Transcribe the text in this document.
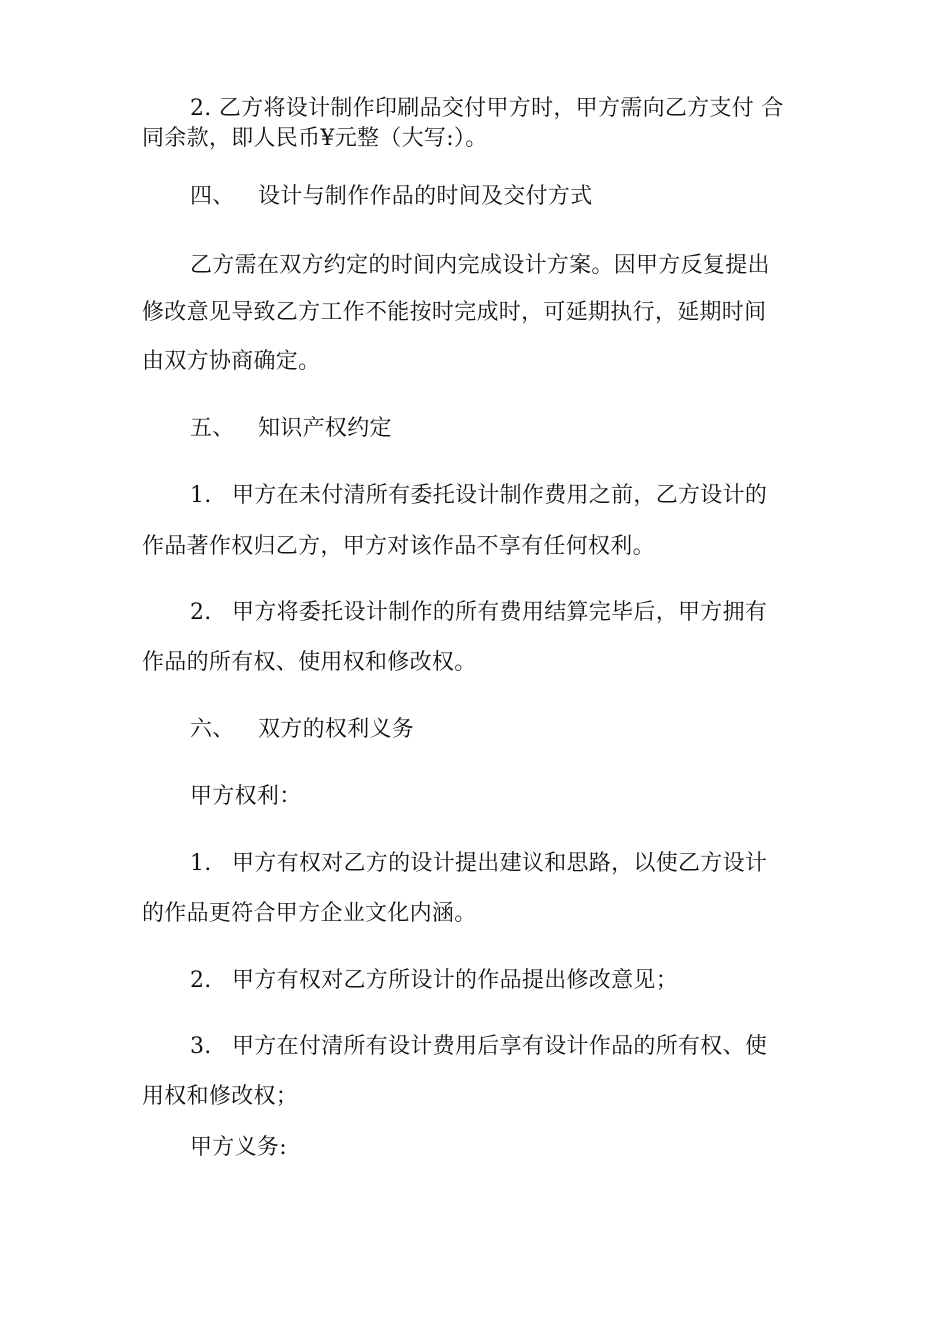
2. 乙方将设计制作印刷品交付甲方时，甲方需向乙方支付 合
同余款，即人民币¥元整（大写:）。
四、 设计与制作作品的时间及交付方式
乙方需在双方约定的时间内完成设计方案。因甲方反复提出
修改意见导致乙方工作不能按时完成时，可延期执行，延期时间
由双方协商确定。
五、 知识产权约定
1. 甲方在未付清所有委托设计制作费用之前，乙方设计的
作品著作权归乙方，甲方对该作品不享有任何权利。
2. 甲方将委托设计制作的所有费用结算完毕后，甲方拥有
作品的所有权、使用权和修改权。
六、 双方的权利义务
甲方权利：
1. 甲方有权对乙方的设计提出建议和思路，以使乙方设计
的作品更符合甲方企业文化内涵。
2. 甲方有权对乙方所设计的作品提出修改意见；
3. 甲方在付清所有设计费用后享有设计作品的所有权、使
用权和修改权；
甲方义务:
